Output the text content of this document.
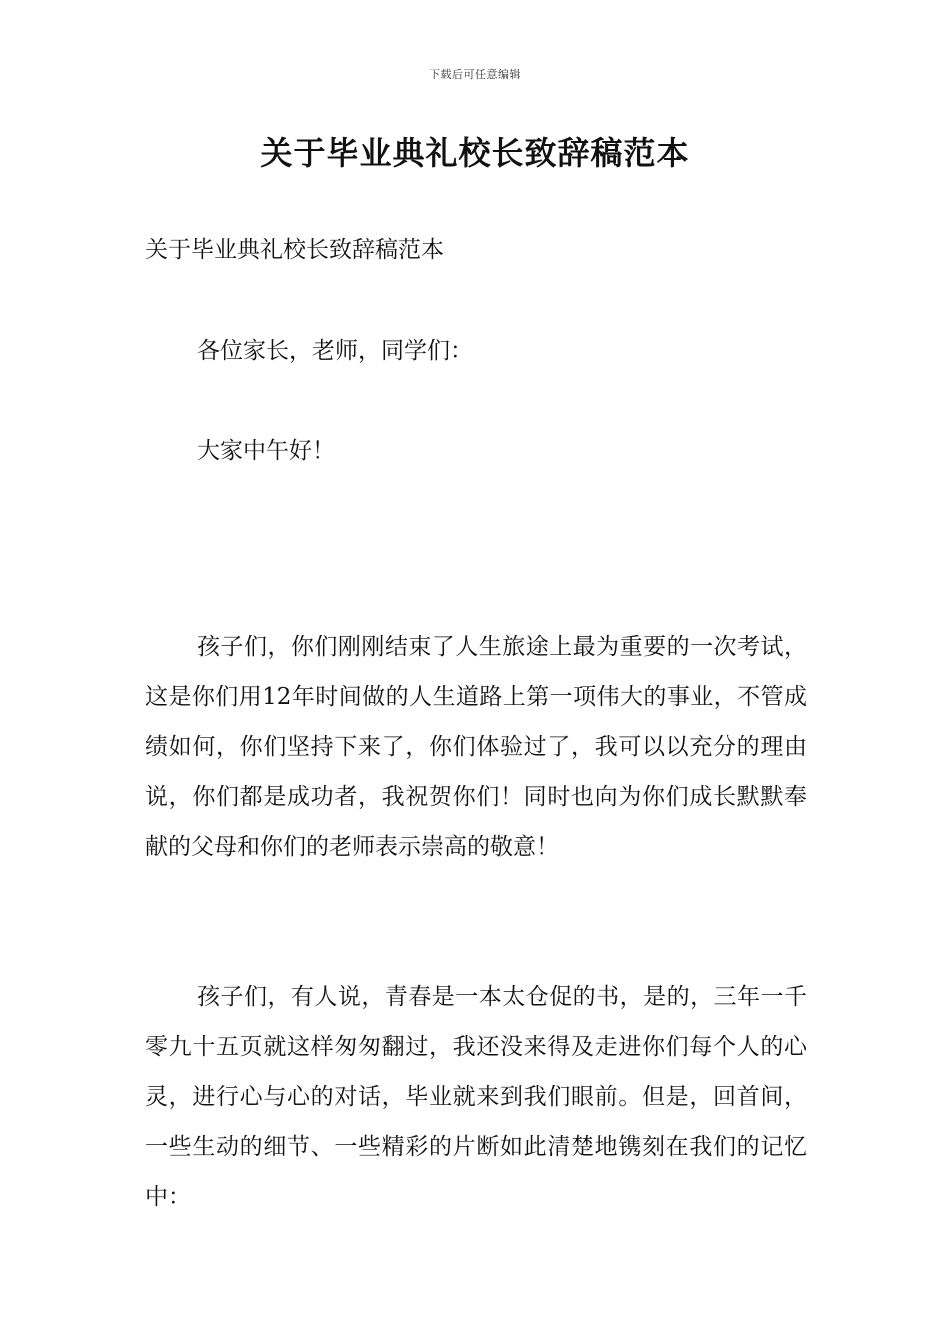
下载后可任意编辑
关于毕业典礼校长致辞稿范本

关于毕业典礼校长致辞稿范本

各位家长，老师，同学们：

大家中午好！

孩子们，你们刚刚结束了人生旅途上最为重要的一次考试，这是你们用12年时间做的人生道路上第一项伟大的事业，不管成绩如何，你们坚持下来了，你们体验过了，我可以以充分的理由说，你们都是成功者，我祝贺你们！同时也向为你们成长默默奉献的父母和你们的老师表示崇高的敬意！

孩子们，有人说，青春是一本太仓促的书，是的，三年一千零九十五页就这样匆匆翻过，我还没来得及走进你们每个人的心灵，进行心与心的对话，毕业就来到我们眼前。但是，回首间，一些生动的细节、一些精彩的片断如此清楚地镌刻在我们的记忆中：
